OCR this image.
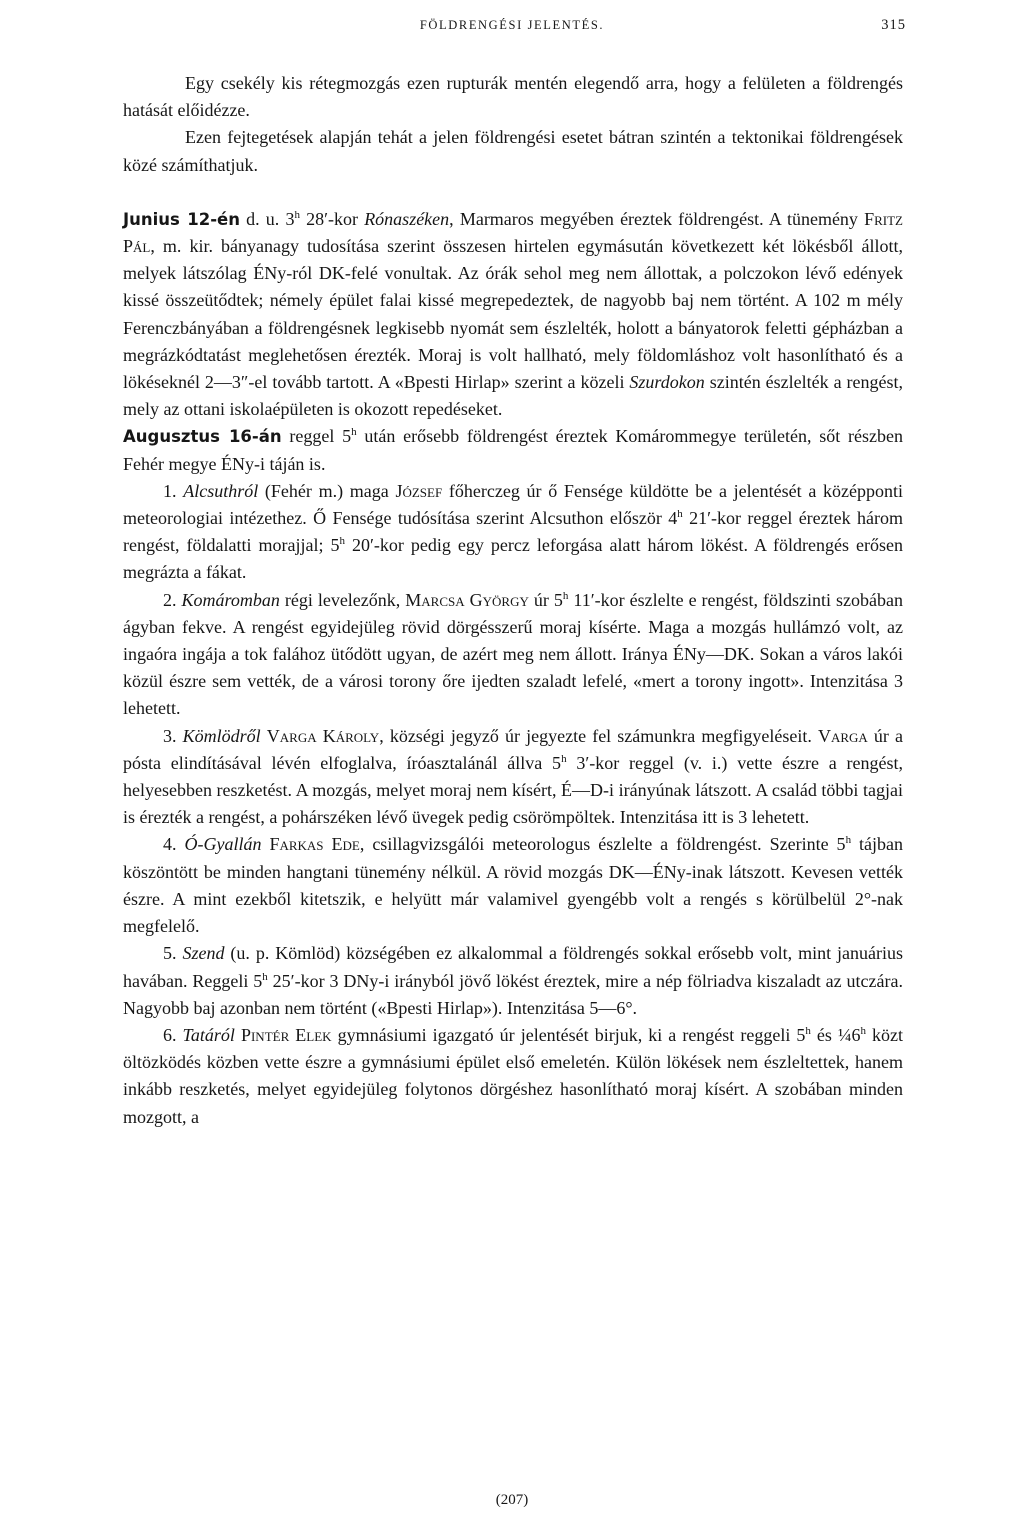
FÖLDRENGÉSI JELENTÉS.	315

Egy csekély kis rétegmozgás ezen rupturák mentén elegendő arra, hogy a felületen a földrengés hatását előidézze.

Ezen fejtegetések alapján tehát a jelen földrengési esetet bátran szintén a tektonikai földrengések közé számíthatjuk.

Junius 12-én d. u. 3$^h$ 28′-kor Rónaszéken, Marmaros megyében éreztek földrengést. A tünemény Fritz Pál, m. kir. bányanagy tudosítása szerint összesen hirtelen egymásután következett két lökésből állott, melyek látszólag ÉNy-ról DK-felé vonultak. Az órák sehol meg nem állottak, a polczokon lévő edények kissé összeütődtek; némely épület falai kissé megrepedeztek, de nagyobb baj nem történt. A 102 m mély Ferenczbányában a földrengésnek legkisebb nyomát sem észlelték, holott a bányatorok feletti gépházban a megrázkódtatást meglehetősen érezték. Moraj is volt hallható, mely földomláshoz volt hasonlítható és a lökéseknél 2—3″-el tovább tartott. A «Bpesti Hirlap» szerint a közeli Szurdokon szintén észlelték a rengést, mely az ottani iskolaépületen is okozott repedéseket.

Augusztus 16-án reggel 5$^h$ után erősebb földrengést éreztek Komárommegye területén, sőt részben Fehér megye ÉNy-i táján is.

1. Alcsuthról (Fehér m.) maga József főherczeg úr ő Fensége küldötte be a jelentését a középponti meteorologiai intézethez. Ő Fensége tudósítása szerint Alcsuthon először 4$^h$ 21′-kor reggel éreztek három rengést, földalatti morajjal; 5$^h$ 20′-kor pedig egy percz leforgása alatt három lökést. A földrengés erősen megrázta a fákat.

2. Komáromban régi levelezőnk, Marcsa György úr 5$^h$ 11′-kor észlelte e rengést, földszinti szobában ágyban fekve. A rengést egyidejüleg rövid dörgésszerű moraj kísérte. Maga a mozgás hullámzó volt, az ingaóra ingája a tok falához ütődött ugyan, de azért meg nem állott. Iránya ÉNy—DK. Sokan a város lakói közül észre sem vették, de a városi torony őre ijedten szaladt lefelé, «mert a torony ingott». Intenzitása 3 lehetett.

3. Kömlödről Varga Károly, községi jegyző úr jegyezte fel számunkra megfigyeléseit. Varga úr a pósta elindításával lévén elfoglalva, íróasztalánál állva 5$^h$ 3′-kor reggel (v. i.) vette észre a rengést, helyesebben reszketést. A mozgás, melyet moraj nem kísért, É—D-i irányúnak látszott. A család többi tagjai is érezték a rengést, a pohárszéken lévő üvegek pedig csörömpöltek. Intenzitása itt is 3 lehetett.

4. Ó-Gyallán Farkas Ede, csillagvizsgálói meteorologus észlelte a földrengést. Szerinte 5$^h$ tájban köszöntött be minden hangtani tünemény nélkül. A rövid mozgás DK—ÉNy-inak látszott. Kevesen vették észre. A mint ezekből kitetszik, e helyütt már valamivel gyengébb volt a rengés s körülbelül 2°-nak megfelelő.

5. Szend (u. p. Kömlöd) községében ez alkalommal a földrengés sokkal erősebb volt, mint januárius havában. Reggeli 5$^h$ 25′-kor 3 DNy-i irányból jövő lökést éreztek, mire a nép fölriadva kiszaladt az utczára. Nagyobb baj azonban nem történt («Bpesti Hirlap»). Intenzitása 5—6°.

6. Tatáról Pintér Elek gymnásiumi igazgató úr jelentését birjuk, ki a rengést reggeli 5$^h$ és ¼6$^h$ közt öltözködés közben vette észre a gymnásiumi épület első emeletén. Külön lökések nem észleltettek, hanem inkább reszketés, melyet egyidejüleg folytonos dörgéshez hasonlítható moraj kísért. A szobában minden mozgott, a

(207)
